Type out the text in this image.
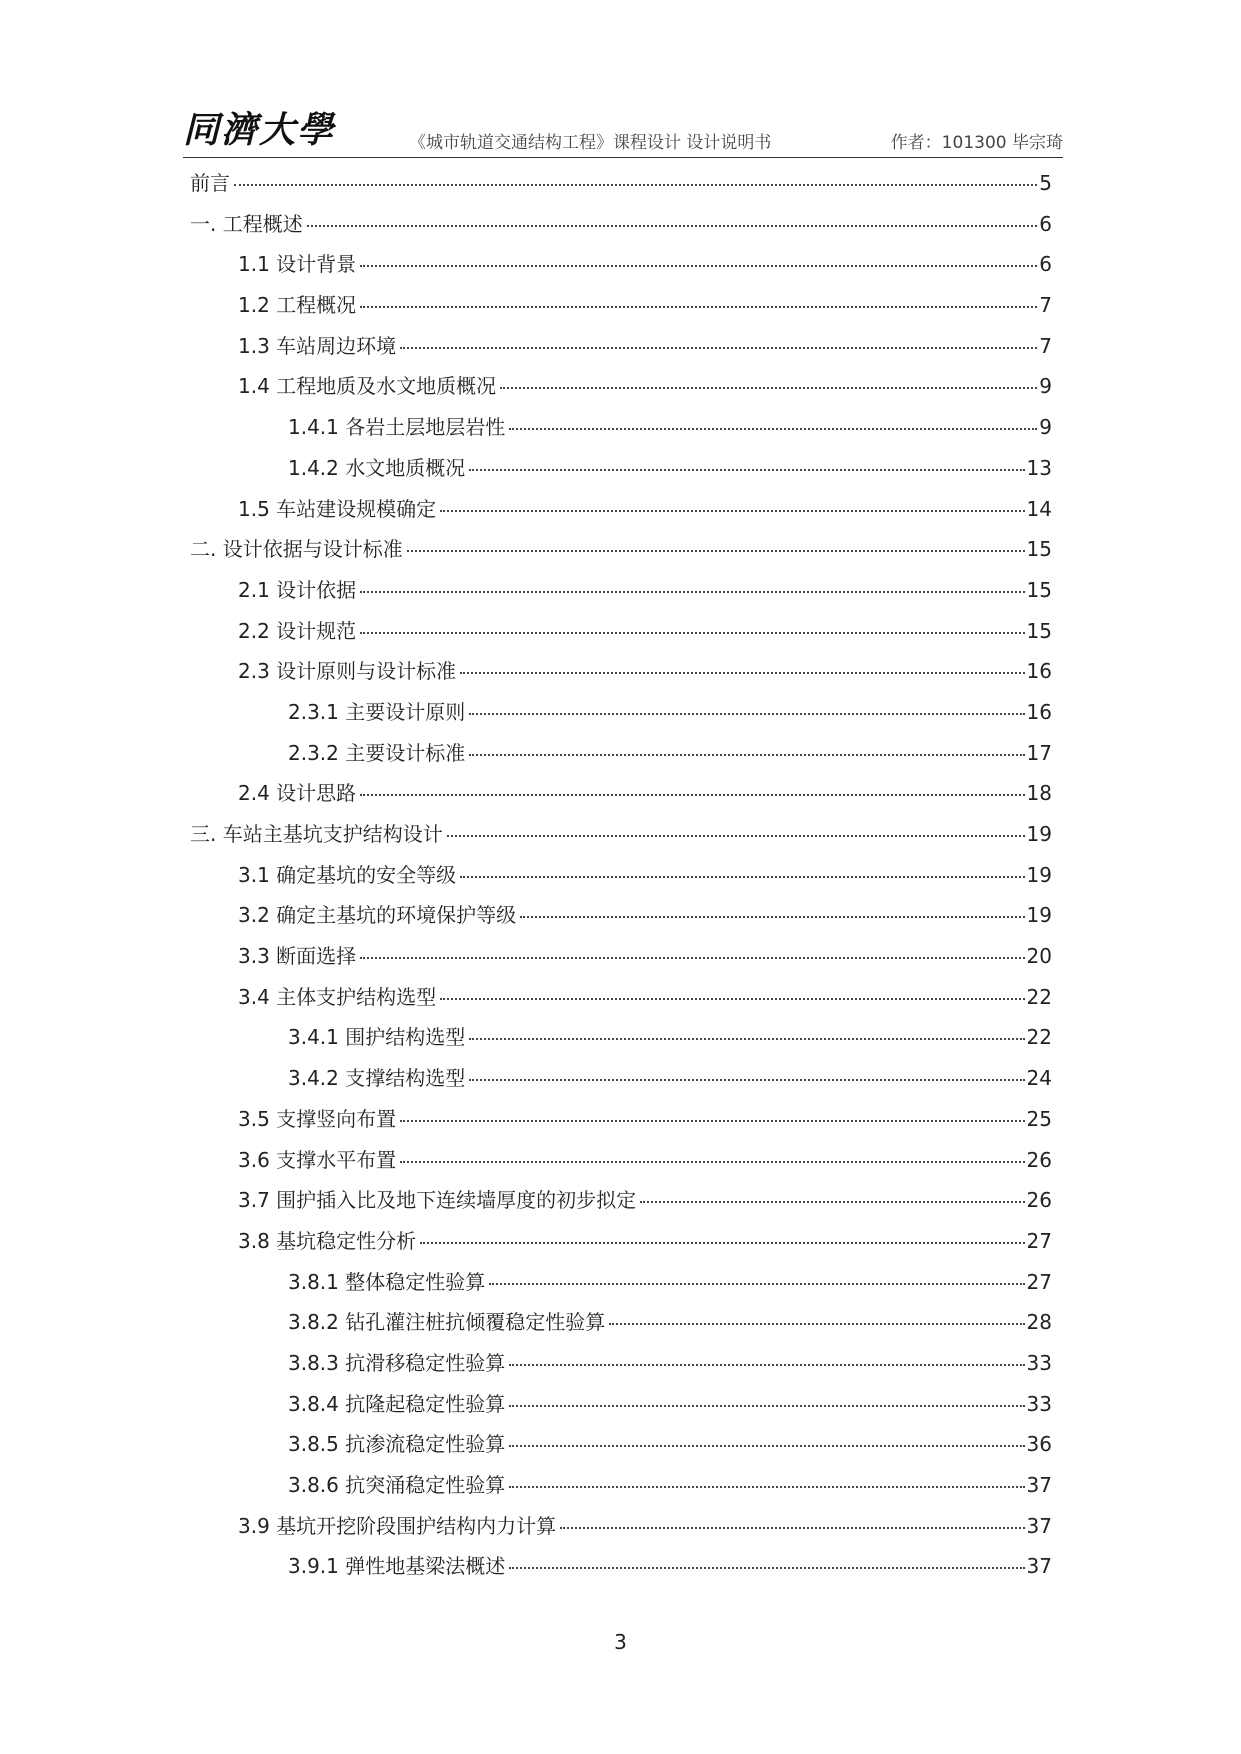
同濟大學	《城市轨道交通结构工程》课程设计 设计说明书	作者：101300 毕宗琦
前言	5
一. 工程概述	6
1.1 设计背景	6
1.2 工程概况	7
1.3 车站周边环境	7
1.4 工程地质及水文地质概况	9
1.4.1 各岩土层地层岩性	9
1.4.2 水文地质概况	13
1.5 车站建设规模确定	14
二. 设计依据与设计标准	15
2.1 设计依据	15
2.2 设计规范	15
2.3 设计原则与设计标准	16
2.3.1 主要设计原则	16
2.3.2 主要设计标准	17
2.4 设计思路	18
三. 车站主基坑支护结构设计	19
3.1 确定基坑的安全等级	19
3.2 确定主基坑的环境保护等级	19
3.3 断面选择	20
3.4 主体支护结构选型	22
3.4.1 围护结构选型	22
3.4.2 支撑结构选型	24
3.5 支撑竖向布置	25
3.6 支撑水平布置	26
3.7 围护插入比及地下连续墙厚度的初步拟定	26
3.8 基坑稳定性分析	27
3.8.1 整体稳定性验算	27
3.8.2 钻孔灌注桩抗倾覆稳定性验算	28
3.8.3 抗滑移稳定性验算	33
3.8.4 抗隆起稳定性验算	33
3.8.5 抗渗流稳定性验算	36
3.8.6 抗突涌稳定性验算	37
3.9 基坑开挖阶段围护结构内力计算	37
3.9.1 弹性地基梁法概述	37
3
